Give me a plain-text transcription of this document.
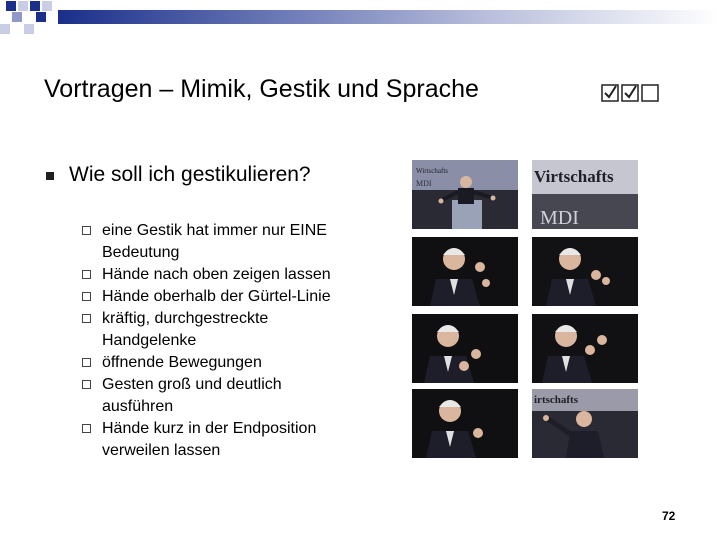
Vortragen – Mimik, Gestik und Sprache
Wie soll ich gestikulieren?
eine Gestik hat immer nur EINE
Bedeutung
Hände nach oben zeigen lassen
Hände oberhalb der Gürtel-Linie
kräftig, durchgestreckte
Handgelenke
öffnende Bewegungen
Gesten groß und deutlich
ausführen
Hände kurz in der Endposition
verweilen lassen
Wirtschafts
MDI	Virtschafts
MDI
irtschafts
72
